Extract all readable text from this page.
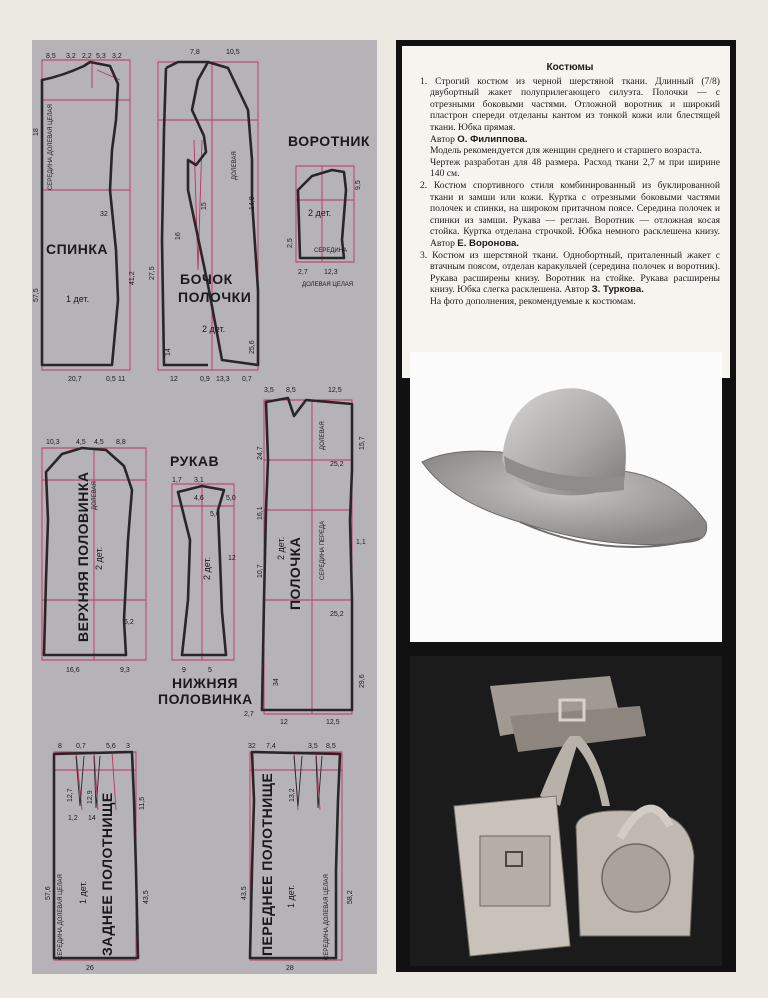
СПИНКА
1 дет.
СЕРЕДИНА ДОЛЕВАЯ ЦЕЛАЯ
8,5 3,2 2,2 5,3 3,2
20,7	0,5 11
57,5
41,2
18
32
БОЧОК
ПОЛОЧКИ
2 дет.
ДОЛЕВАЯ
7,8	10,5
12	0,9 13,3 0,7
27,5
15
16
14	25,6
14,8
ВОРОТНИК
2 дет.
СЕРЕДИНА
ДОЛЕВАЯ ЦЕЛАЯ
2,7 12,3
9,5
2,5
ВЕРХНЯЯ ПОЛОВИНКА 2 дет.
ДОЛЕВАЯ
10,3 4,5 4,5 8,8
16,6	9,3
6,2
РУКАВ
2 дет.
НИЖНЯЯ
ПОЛОВИНКА
1,7 3,1
4,6	5,0
5,6
12
9	5
ПОЛОЧКА
2 дет.	СЕРЕДИНА ПЕРЕДА
ДОЛЕВАЯ
3,5 8,5	12,5
24,7
16,1
10,7
25,2
25,2
12	12,5
34
2,7
29,6
15,7
1,1
ЗАДНЕЕ ПОЛОТНИЩЕ
1 дет.
СЕРЕДИНА ДОЛЕВАЯ ЦЕЛАЯ
8 0,7	5,6 3
12,7 12,9
1,2 14
11,5
57,6	43,5
26
ПЕРЕДНЕЕ ПОЛОТНИЩЕ 1 дет.	СЕРЕДИНА ДОЛЕВАЯ ЦЕЛАЯ
32 7,4	3,5 8,5
13,2
43,5	58,2
28
Костюмы

1. Строгий костюм из черной шерстяной ткани. Длинный (7/8) двубортный жакет полуприлегающего силуэта. Полочки — с отрезными боковыми частями. Отложной воротник и широкий пластрон спереди отделаны кантом из тонкой кожи или блестящей ткани. Юбка прямая.

Автор О. Филиппова.

Модель рекомендуется для женщин среднего и старшего возраста.

Чертеж разработан для 48 размера. Расход ткани 2,7 м при ширине 140 см.

2. Костюм спортивного стиля комбинированный из буклированной ткани и замши или кожи. Куртка с отрезными боковыми частями полочек и спинки, на широком притачном поясе. Середина полочек и спинки из замши. Рукава — реглан. Воротник — отложная косая стойка. Куртка отделана строчкой. Юбка немного расклешена книзу. Автор Е. Воронова.

3. Костюм из шерстяной ткани. Однобортный, приталенный жакет с втачным поясом, отделан каракульчей (середина полочек и воротник). Рукава расширены книзу. Воротник на стойке. Рукава расширены книзу. Юбка слегка расклешена. Автор З. Туркова.

На фото дополнения, рекомендуемые к костюмам.
